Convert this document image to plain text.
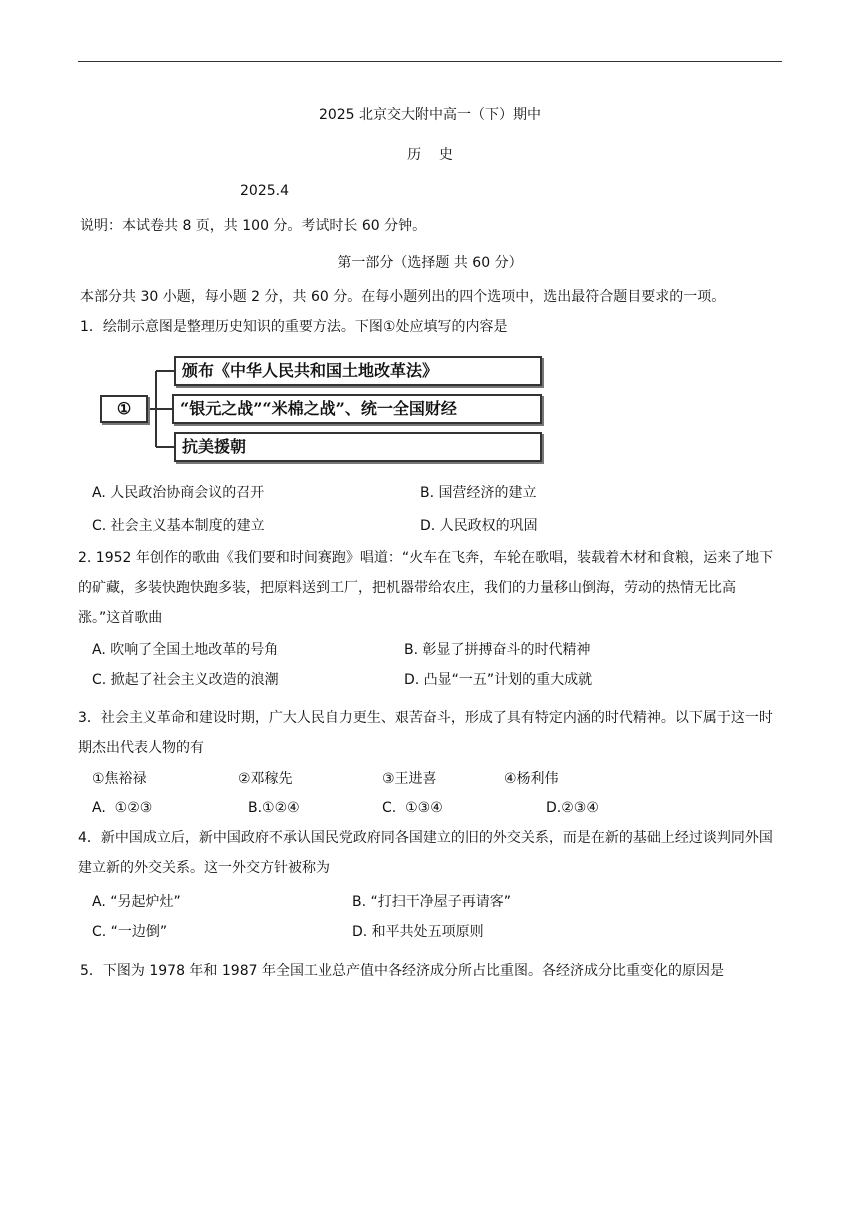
2025 北京交大附中高一（下）期中
历    史
2025.4
说明：本试卷共 8 页，共 100 分。考试时长 60 分钟。
第一部分（选择题 共 60 分）
本部分共 30 小题，每小题 2 分，共 60 分。在每小题列出的四个选项中，选出最符合题目要求的一项。
1．绘制示意图是整理历史知识的重要方法。下图①处应填写的内容是
①
颁布《中华人民共和国土地改革法》
“银元之战”“米棉之战”、统一全国财经
抗美援朝
A. 人民政治协商会议的召开	B. 国营经济的建立
C. 社会主义基本制度的建立	D. 人民政权的巩固
2. 1952 年创作的歌曲《我们要和时间赛跑》唱道：“火车在飞奔，车轮在歌唱，装载着木材和食粮，运来了地下的矿藏，多装快跑快跑多装，把原料送到工厂，把机器带给农庄，我们的力量移山倒海，劳动的热情无比高涨。”这首歌曲
A. 吹响了全国土地改革的号角	B. 彰显了拼搏奋斗的时代精神
C. 掀起了社会主义改造的浪潮	D. 凸显“一五”计划的重大成就
3．社会主义革命和建设时期，广大人民自力更生、艰苦奋斗，形成了具有特定内涵的时代精神。以下属于这一时期杰出代表人物的有
①焦裕禄	②邓稼先	③王进喜	④杨利伟
A.  ①②③	B.①②④	C.  ①③④	D.②③④
4．新中国成立后，新中国政府不承认国民党政府同各国建立的旧的外交关系，而是在新的基础上经过谈判同外国建立新的外交关系。这一外交方针被称为
A. “另起炉灶”	B. “打扫干净屋子再请客”
C. “一边倒”	D. 和平共处五项原则
5．下图为 1978 年和 1987 年全国工业总产值中各经济成分所占比重图。各经济成分比重变化的原因是
